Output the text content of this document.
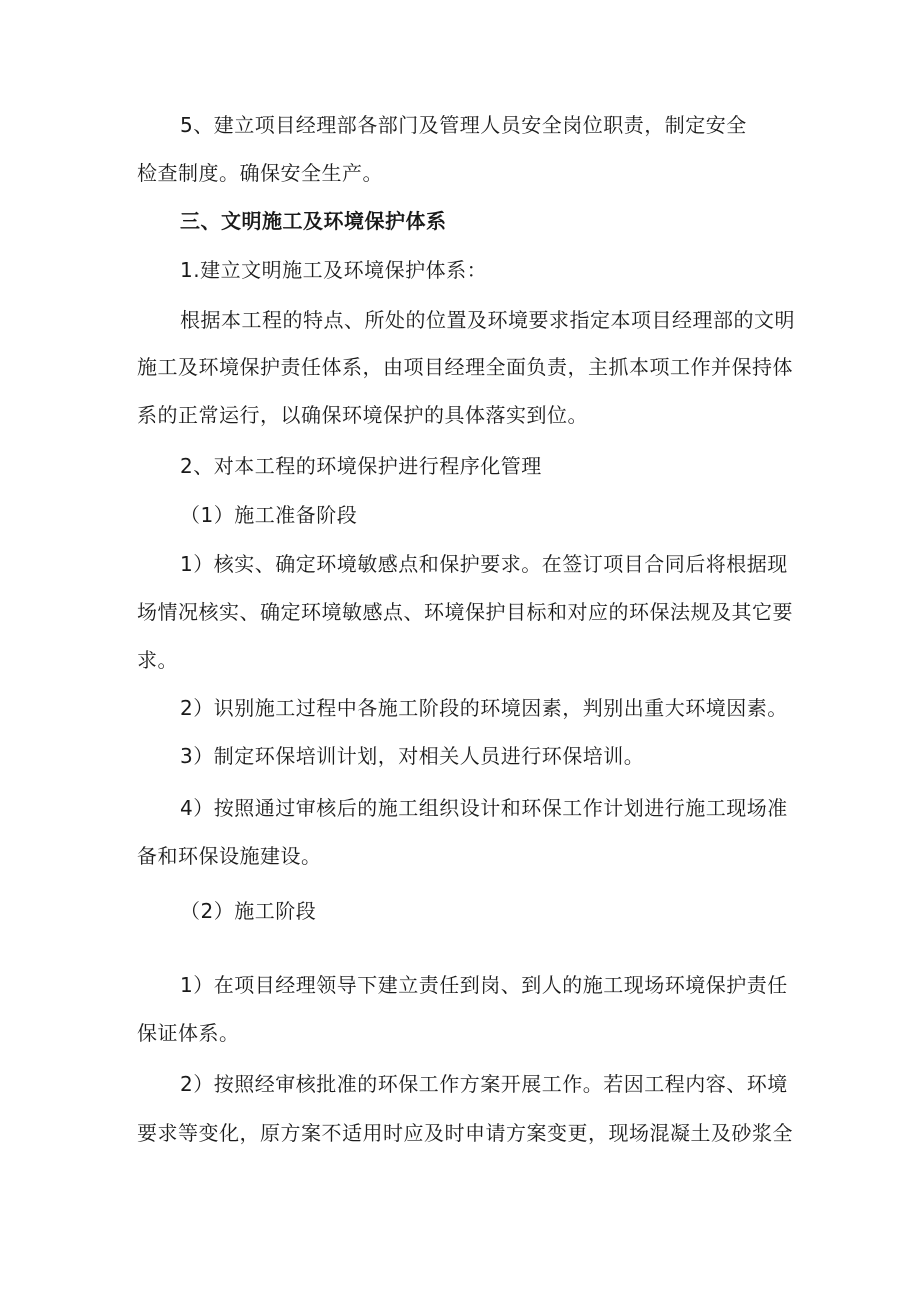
5、建立项目经理部各部门及管理人员安全岗位职责，制定安全
检查制度。确保安全生产。
三、文明施工及环境保护体系
1.建立文明施工及环境保护体系：
根据本工程的特点、所处的位置及环境要求指定本项目经理部的文明
施工及环境保护责任体系，由项目经理全面负责，主抓本项工作并保持体
系的正常运行，以确保环境保护的具体落实到位。
2、对本工程的环境保护进行程序化管理
（1）施工准备阶段
1）核实、确定环境敏感点和保护要求。在签订项目合同后将根据现
场情况核实、确定环境敏感点、环境保护目标和对应的环保法规及其它要
求。
2）识别施工过程中各施工阶段的环境因素，判别出重大环境因素。
3）制定环保培训计划，对相关人员进行环保培训。
4）按照通过审核后的施工组织设计和环保工作计划进行施工现场准
备和环保设施建设。
（2）施工阶段
1）在项目经理领导下建立责任到岗、到人的施工现场环境保护责任
保证体系。
2）按照经审核批准的环保工作方案开展工作。若因工程内容、环境
要求等变化，原方案不适用时应及时申请方案变更，现场混凝土及砂浆全
